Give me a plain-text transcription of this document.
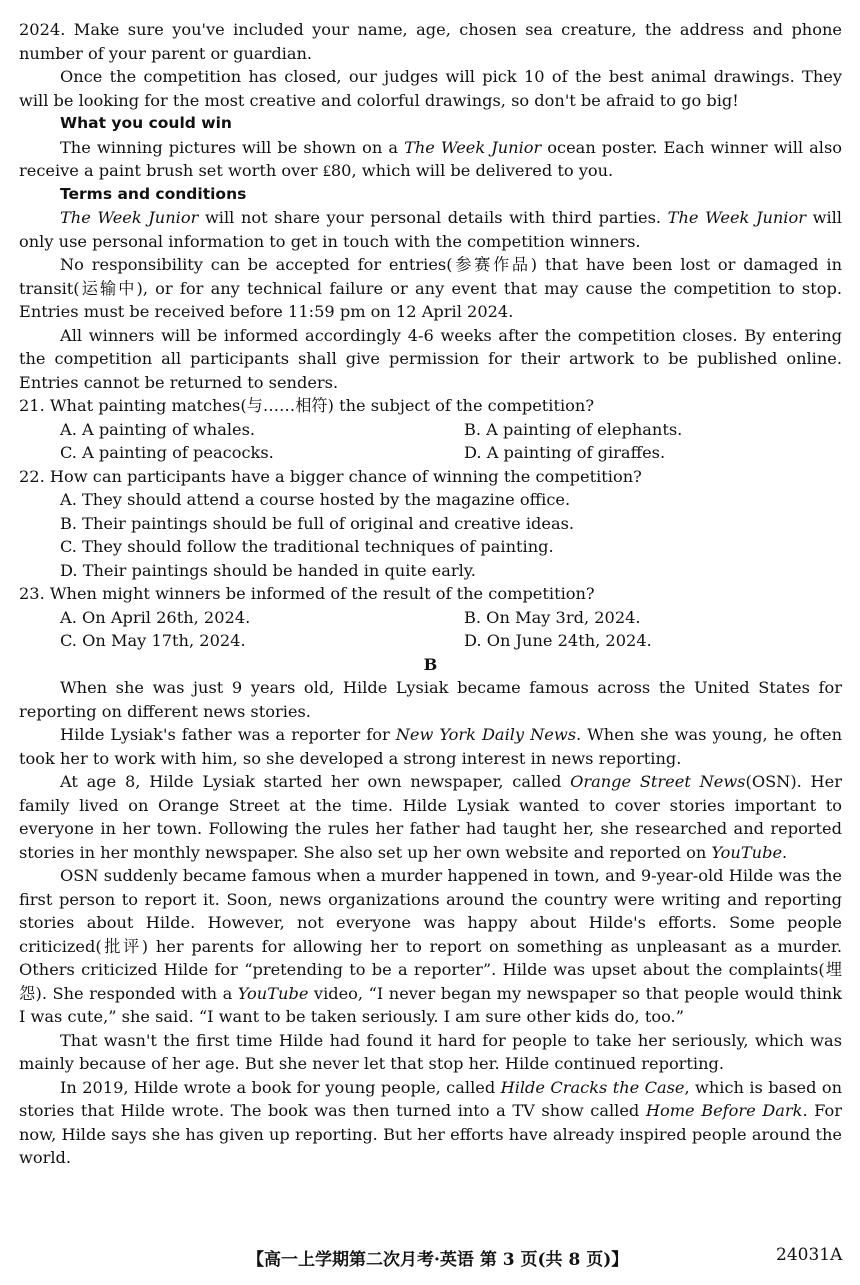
2024. Make sure you've included your name, age, chosen sea creature, the address and phone number of your parent or guardian.

Once the competition has closed, our judges will pick 10 of the best animal drawings. They will be looking for the most creative and colorful drawings, so don't be afraid to go big!

What you could win

The winning pictures will be shown on a The Week Junior ocean poster. Each winner will also receive a paint brush set worth over ₤80, which will be delivered to you.

Terms and conditions

The Week Junior will not share your personal details with third parties. The Week Junior will only use personal information to get in touch with the competition winners.

No responsibility can be accepted for entries(参赛作品) that have been lost or damaged in transit(运输中), or for any technical failure or any event that may cause the competition to stop. Entries must be received before 11:59 pm on 12 April 2024.

All winners will be informed accordingly 4-6 weeks after the competition closes. By entering the competition all participants shall give permission for their artwork to be published online. Entries cannot be returned to senders.

21. What painting matches(与……相符) the subject of the competition?

A. A painting of whales.	B. A painting of elephants.
C. A painting of peacocks.	D. A painting of giraffes.

22. How can participants have a bigger chance of winning the competition?

A. They should attend a course hosted by the magazine office.

B. Their paintings should be full of original and creative ideas.

C. They should follow the traditional techniques of painting.

D. Their paintings should be handed in quite early.

23. When might winners be informed of the result of the competition?

A. On April 26th, 2024.	B. On May 3rd, 2024.
C. On May 17th, 2024.	D. On June 24th, 2024.

B

When she was just 9 years old, Hilde Lysiak became famous across the United States for reporting on different news stories.

Hilde Lysiak's father was a reporter for New York Daily News. When she was young, he often took her to work with him, so she developed a strong interest in news reporting.

At age 8, Hilde Lysiak started her own newspaper, called Orange Street News(OSN). Her family lived on Orange Street at the time. Hilde Lysiak wanted to cover stories important to everyone in her town. Following the rules her father had taught her, she researched and reported stories in her monthly newspaper. She also set up her own website and reported on YouTube.

OSN suddenly became famous when a murder happened in town, and 9-year-old Hilde was the first person to report it. Soon, news organizations around the country were writing and reporting stories about Hilde. However, not everyone was happy about Hilde's efforts. Some people criticized(批评) her parents for allowing her to report on something as unpleasant as a murder. Others criticized Hilde for “pretending to be a reporter”. Hilde was upset about the complaints(埋怨). She responded with a YouTube video, “I never began my newspaper so that people would think I was cute,” she said. “I want to be taken seriously. I am sure other kids do, too.”

That wasn't the first time Hilde had found it hard for people to take her seriously, which was mainly because of her age. But she never let that stop her. Hilde continued reporting.

In 2019, Hilde wrote a book for young people, called Hilde Cracks the Case, which is based on stories that Hilde wrote. The book was then turned into a TV show called Home Before Dark. For now, Hilde says she has given up reporting. But her efforts have already inspired people around the world.

【高一上学期第二次月考·英语 第 3 页(共 8 页)】	24031A
